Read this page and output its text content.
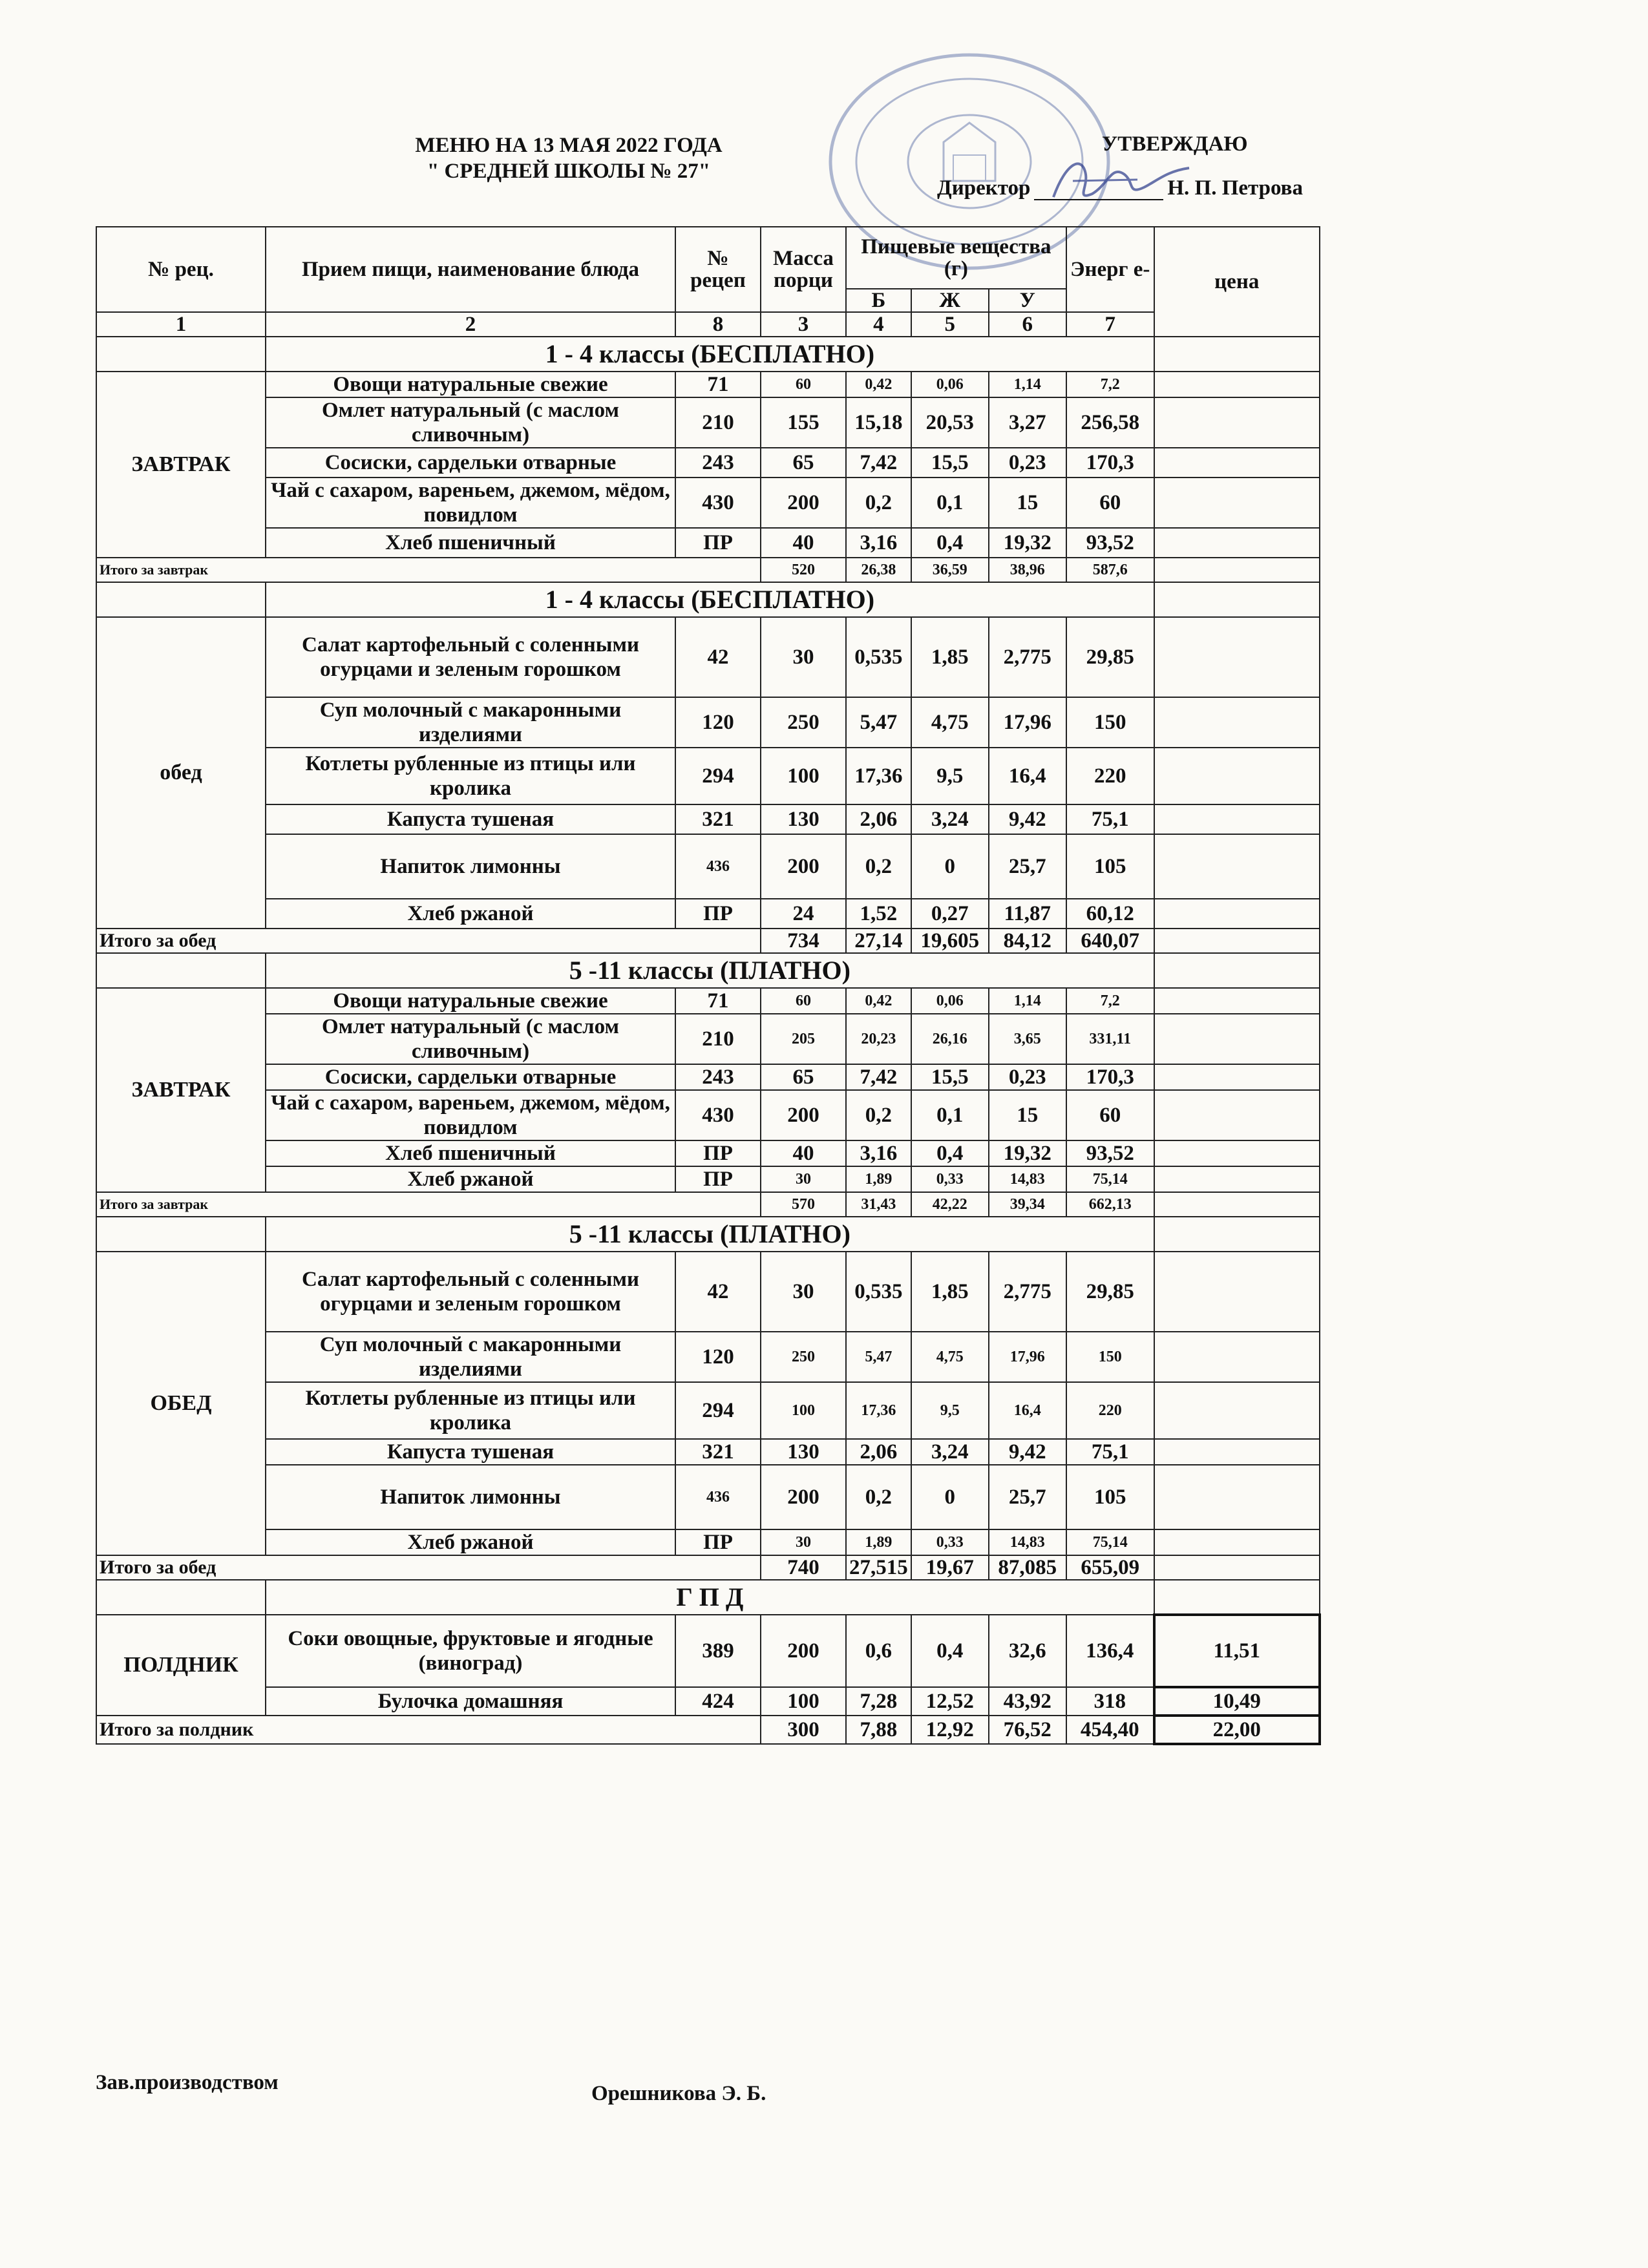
МЕНЮ НА 13 МАЯ 2022 ГОДА
" СРЕДНЕЙ ШКОЛЫ № 27"
УТВЕРЖДАЮ
Директор	Н. П. Петрова
№ рец.	Прием пищи, наименование блюда	№ рецеп	Масса порци	Пищевые вещества (г)			Энерг е-	цена
				Б	Ж	У		
1	2	8	3	4	5	6	7	
	1 - 4 классы (БЕСПЛАТНО)							
ЗАВТРАК	Овощи натуральные свежие	71	60	0,42	0,06	1,14	7,2	
	Омлет натуральный (с маслом сливочным)	210	155	15,18	20,53	3,27	256,58	
	Сосиски, сардельки отварные	243	65	7,42	15,5	0,23	170,3	
	Чай с сахаром, вареньем, джемом, мёдом, повидлом	430	200	0,2	0,1	15	60	
	Хлеб пшеничный	ПР	40	3,16	0,4	19,32	93,52	
Итого за завтрак			520	26,38	36,59	38,96	587,6	
	1 - 4 классы (БЕСПЛАТНО)							
обед	Салат картофельный с соленными огурцами и зеленым горошком	42	30	0,535	1,85	2,775	29,85	
	Суп молочный с макаронными изделиями	120	250	5,47	4,75	17,96	150	
	Котлеты рубленные из птицы или кролика	294	100	17,36	9,5	16,4	220	
	Капуста тушеная	321	130	2,06	3,24	9,42	75,1	
	Напиток лимонны	436	200	0,2	0	25,7	105	
	Хлеб ржаной	ПР	24	1,52	0,27	11,87	60,12	
Итого за обед			734	27,14	19,605	84,12	640,07	
	5 -11 классы (ПЛАТНО)							
ЗАВТРАК	Овощи натуральные свежие	71	60	0,42	0,06	1,14	7,2	
	Омлет натуральный (с маслом сливочным)	210	205	20,23	26,16	3,65	331,11	
	Сосиски, сардельки отварные	243	65	7,42	15,5	0,23	170,3	
	Чай с сахаром, вареньем, джемом, мёдом, повидлом	430	200	0,2	0,1	15	60	
	Хлеб пшеничный	ПР	40	3,16	0,4	19,32	93,52	
	Хлеб ржаной	ПР	30	1,89	0,33	14,83	75,14	
Итого за завтрак			570	31,43	42,22	39,34	662,13	
	5 -11 классы (ПЛАТНО)							
ОБЕД	Салат картофельный с соленными огурцами и зеленым горошком	42	30	0,535	1,85	2,775	29,85	
	Суп молочный с макаронными изделиями	120	250	5,47	4,75	17,96	150	
	Котлеты рубленные из птицы или кролика	294	100	17,36	9,5	16,4	220	
	Капуста тушеная	321	130	2,06	3,24	9,42	75,1	
	Напиток лимонны	436	200	0,2	0	25,7	105	
	Хлеб ржаной	ПР	30	1,89	0,33	14,83	75,14	
Итого за обед			740	27,515	19,67	87,085	655,09	
	Г П Д							
ПОЛДНИК	Соки овощные, фруктовые и ягодные (виноград)	389	200	0,6	0,4	32,6	136,4	11,51
	Булочка домашняя	424	100	7,28	12,52	43,92	318	10,49
Итого за полдник			300	7,88	12,92	76,52	454,40	22,00
Зав.производством	Орешникова Э. Б.
